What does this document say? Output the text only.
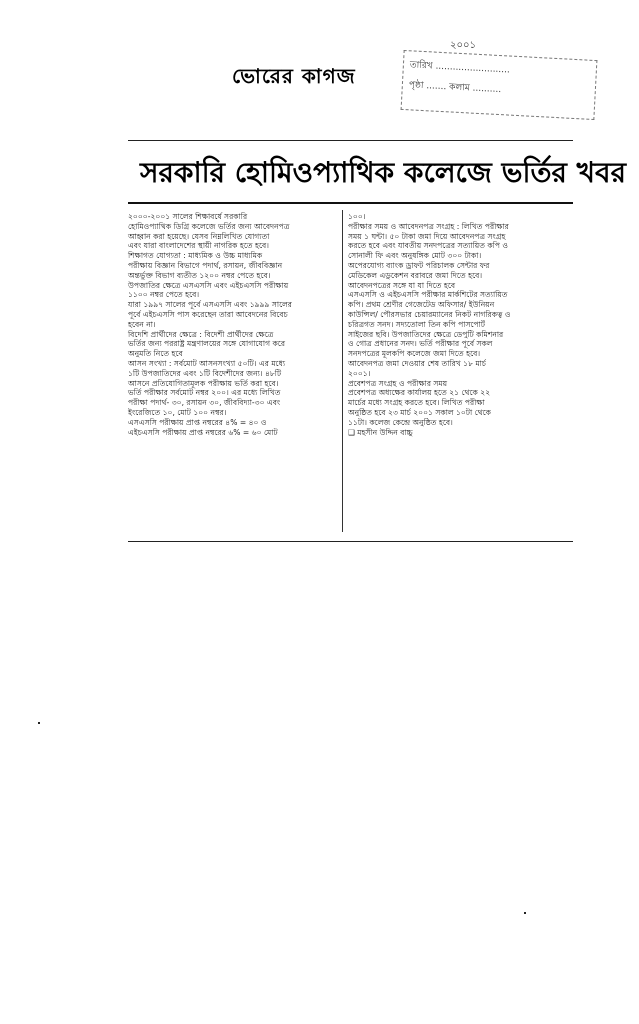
ভোরের কাগজ
২০০১
তারিখ ..........................
পৃষ্ঠা ....... কলাম ..........
সরকারি হোমিওপ্যাথিক কলেজে ভর্তির খবর

২০০০-২০০১ সালের শিক্ষাবর্ষে সরকারি

হোমিওপ্যাথিক ডিগ্রি কলেজে ভর্তির জন্য আবেদনপত্র

আহ্বান করা হয়েছে। যেসব নিম্নলিখিত যোগ্যতা

এবং যারা বাংলাদেশের স্থায়ী নাগরিক হতে হবে।

শিক্ষাগত যোগ্যতা : মাধ্যমিক ও উচ্চ মাধ্যমিক

পরীক্ষায় বিজ্ঞান বিভাগে পদার্থ, রসায়ন, জীববিজ্ঞান

অন্তর্ভুক্ত বিভাগ ব্যতীত ১২০০ নম্বর পেতে হবে।

উপজাতির ক্ষেত্রে এসএসসি এবং এইচএসসি পরীক্ষায়

১১০০ নম্বর পেতে হবে।

যারা ১৯৯৭ সালের পূর্বে এসএসসি এবং ১৯৯৯ সালের

পূর্বে এইচএসসি পাস করেছেন তারা আবেদনের বিবেচ

হবেন না।

বিদেশি প্রার্থীদের ক্ষেত্রে : বিদেশী প্রার্থীদের ক্ষেত্রে

ভর্তির জন্য পররাষ্ট্র মন্ত্রণালয়ের সঙ্গে যোগাযোগ করে

অনুমতি নিতে হবে

আসন সংখ্যা : সর্বমোট আসনসংখ্যা ৫০টি। এর মধ্যে

১টি উপজাতিদের এবং ১টি বিদেশীদের জন্য। ৪৮টি

আসনে প্রতিযোগিতামূলক পরীক্ষায় ভর্তি করা হবে।

ভর্তি পরীক্ষার সর্বমোট নম্বর ২০০। এর মধ্যে লিখিত

পরীক্ষা পদার্থ- ৩০, রসায়ন ৩০, জীববিদ্যা-৩০ এবং

ইংরেজিতে ১০, মোট ১০০ নম্বর।

এসএসসি পরীক্ষায় প্রাপ্ত নম্বরের ৪% = ৪০ ও

এইচএসসি পরীক্ষায় প্রাপ্ত নম্বরের ৬% = ৬০ মোট

১০০।

পরীক্ষার সময় ও আবেদনপত্র সংগ্রহ : লিখিত পরীক্ষার

সময় ১ ঘন্টা। ৫০ টাকা জমা দিয়ে আবেদনপত্র সংগ্রহ

করতে হবে এবং যাবতীয় সনদপত্রের সত্যায়িত কপি ও

সোনালী ফি এবং অনুষঙ্গিক মোট ৩০০ টাকা।

অপেরযোগ্য ব্যাংক ড্রাফট পরিচালক সেন্টার ফর

মেডিকেল এডুকেশন বরাবরে জমা দিতে হবে।

আবেদনপত্রের সঙ্গে যা যা দিতে হবে

এসএসসি ও এইচএসসি পরীক্ষার মার্কশিটের সত্যায়িত

কপি। প্রথম শ্রেণীর গেজেটেড অফিসার/ ইউনিয়ন

কাউন্সিল/ পৌরসভার চেয়ারম্যানের নিকট নাগরিকত্ব ও

চরিত্রগত সনদ। সদ্যতোলা তিন কপি পাসপোর্ট

সাইজের ছবি। উপজাতিদের ক্ষেত্রে ডেপুটি কমিশনার

ও গোত্র প্রধানের সনদ। ভর্তি পরীক্ষার পূর্বে সকল

সনদপত্রের মূলকপি কলেজে জমা দিতে হবে।

আবেদনপত্র জমা দেওয়ার শেষ তারিখ ১৮ মার্চ

২০০১।

প্রবেশপত্র সংগ্রহ ও পরীক্ষার সময়

প্রবেশপত্র অধ্যক্ষের কার্যালয় হতে ২১ থেকে ২২

মার্চের মধ্যে সংগ্রহ করতে হবে। লিখিত পরীক্ষা

অনুষ্ঠিত হবে ২৩ মার্চ ২০০১ সকাল ১০টা থেকে

১১টা। কলেজ কেন্দ্রে অনুষ্ঠিত হবে।

❑ মহসীন উদ্দিন বাচ্চু
